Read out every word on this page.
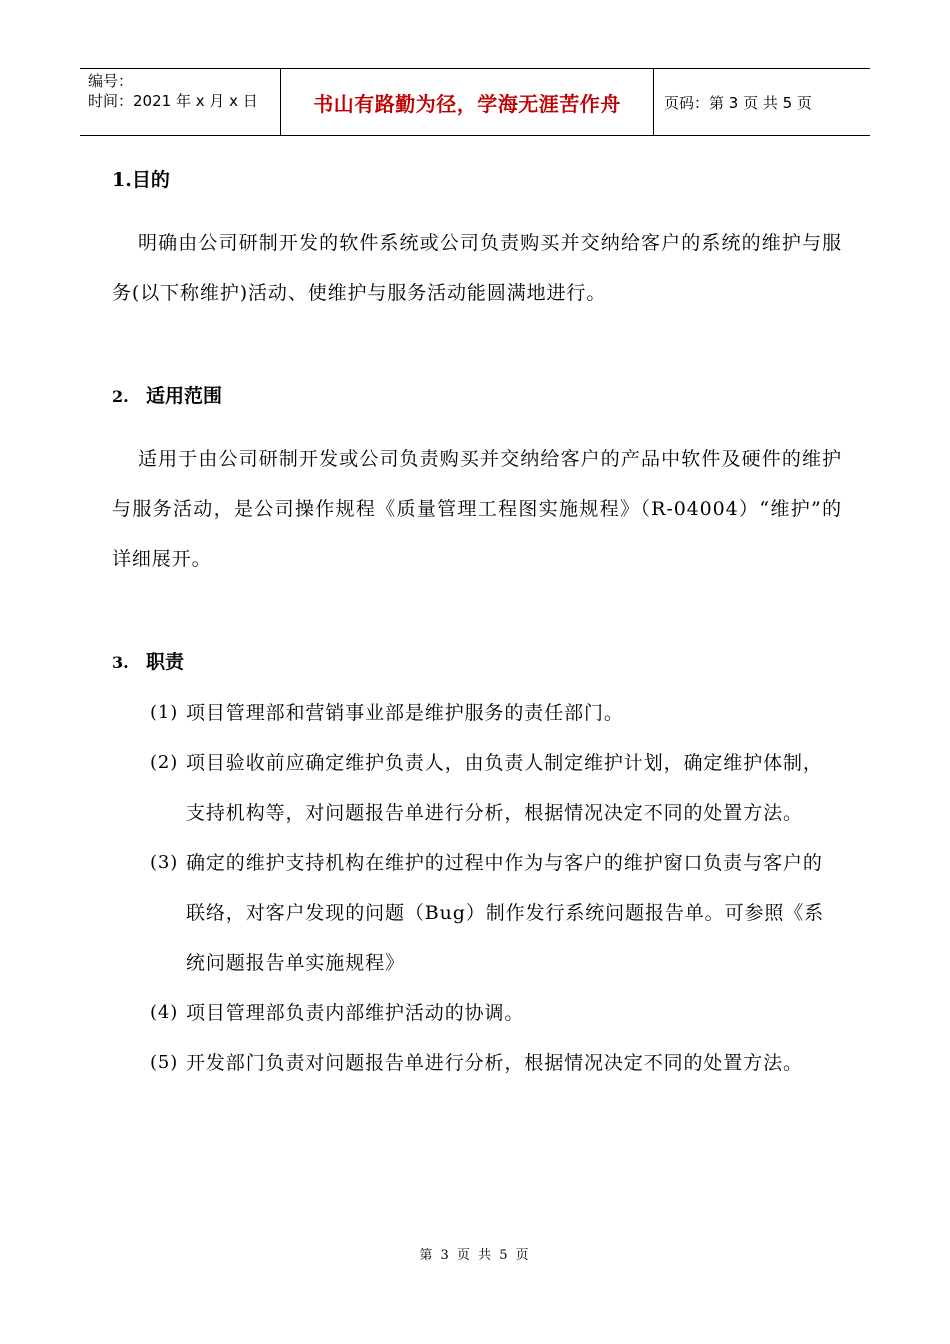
编号：
时间：2021 年 x 月 x 日	书山有路勤为径，学海无涯苦作舟	页码：第 3 页 共 5 页
1.目的
明确由公司研制开发的软件系统或公司负责购买并交纳给客户的系统的维护与服务(以下称维护)活动、使维护与服务活动能圆满地进行。
2. 适用范围
适用于由公司研制开发或公司负责购买并交纳给客户的产品中软件及硬件的维护与服务活动，是公司操作规程《质量管理工程图实施规程》（R-04004）“维护”的详细展开。
3. 职责
(1) 项目管理部和营销事业部是维护服务的责任部门。
(2) 项目验收前应确定维护负责人，由负责人制定维护计划，确定维护体制，支持机构等，对问题报告单进行分析，根据情况决定不同的处置方法。
(3) 确定的维护支持机构在维护的过程中作为与客户的维护窗口负责与客户的联络，对客户发现的问题（Bug）制作发行系统问题报告单。可参照《系统问题报告单实施规程》
(4) 项目管理部负责内部维护活动的协调。
(5) 开发部门负责对问题报告单进行分析，根据情况决定不同的处置方法。
第 3 页 共 5 页
